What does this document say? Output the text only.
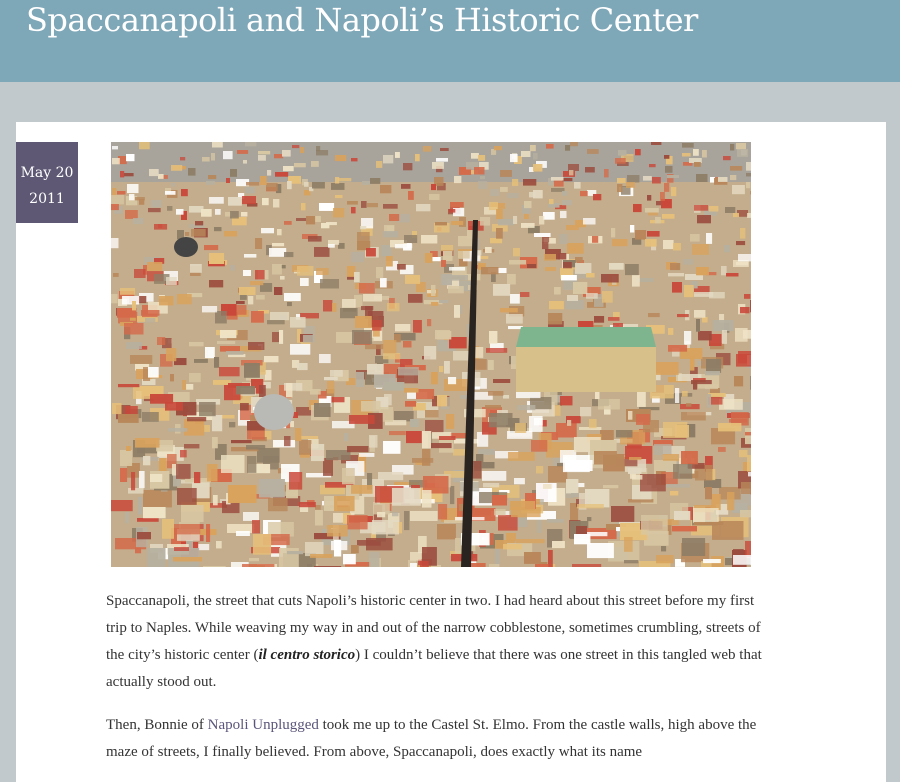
Spaccanapoli and Napoli’s Historic Center
May 20
2011

Spaccanapoli, the street that cuts Napoli’s historic center in two. I had heard about this street before my first trip to Naples. While weaving my way in and out of the narrow cobblestone, sometimes crumbling, streets of the city’s historic center (il centro storico) I couldn’t believe that there was one street in this tangled web that actually stood out.

Then, Bonnie of Napoli Unplugged took me up to the Castel St. Elmo. From the castle walls, high above the maze of streets, I finally believed. From above, Spaccanapoli, does exactly what its name
